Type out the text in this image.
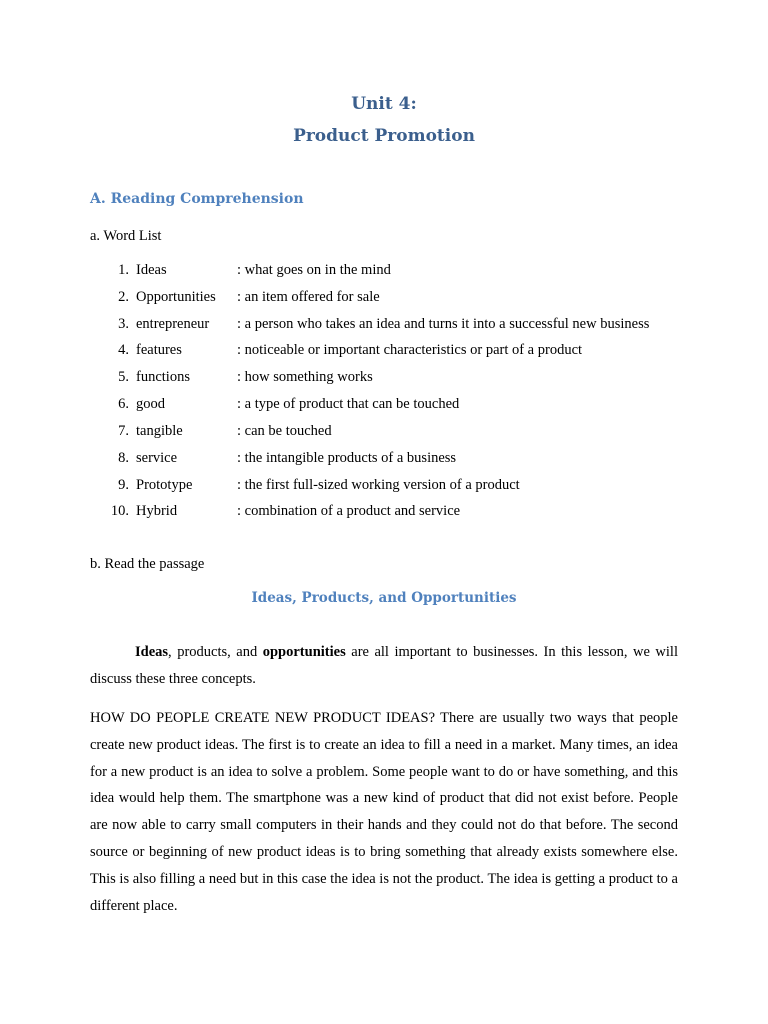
Unit 4:
Product Promotion
A. Reading Comprehension
a. Word List
1. Ideas	: what goes on in the mind
2. Opportunities : an item offered for sale
3. entrepreneur : a person who takes an idea and turns it into a successful new business
4. features	: noticeable or important characteristics or part of a product
5. functions	: how something works
6. good	: a type of product that can be touched
7. tangible	: can be touched
8. service	: the intangible products of a business
9. Prototype	: the first full-sized working version of a product
10. Hybrid	: combination of a product and service
b. Read the passage
Ideas, Products, and Opportunities
Ideas, products, and opportunities are all important to businesses. In this lesson, we will discuss these three concepts.
HOW DO PEOPLE CREATE NEW PRODUCT IDEAS? There are usually two ways that people create new product ideas. The first is to create an idea to fill a need in a market. Many times, an idea for a new product is an idea to solve a problem. Some people want to do or have something, and this idea would help them. The smartphone was a new kind of product that did not exist before. People are now able to carry small computers in their hands and they could not do that before. The second source or beginning of new product ideas is to bring something that already exists somewhere else. This is also filling a need but in this case the idea is not the product. The idea is getting a product to a different place.
